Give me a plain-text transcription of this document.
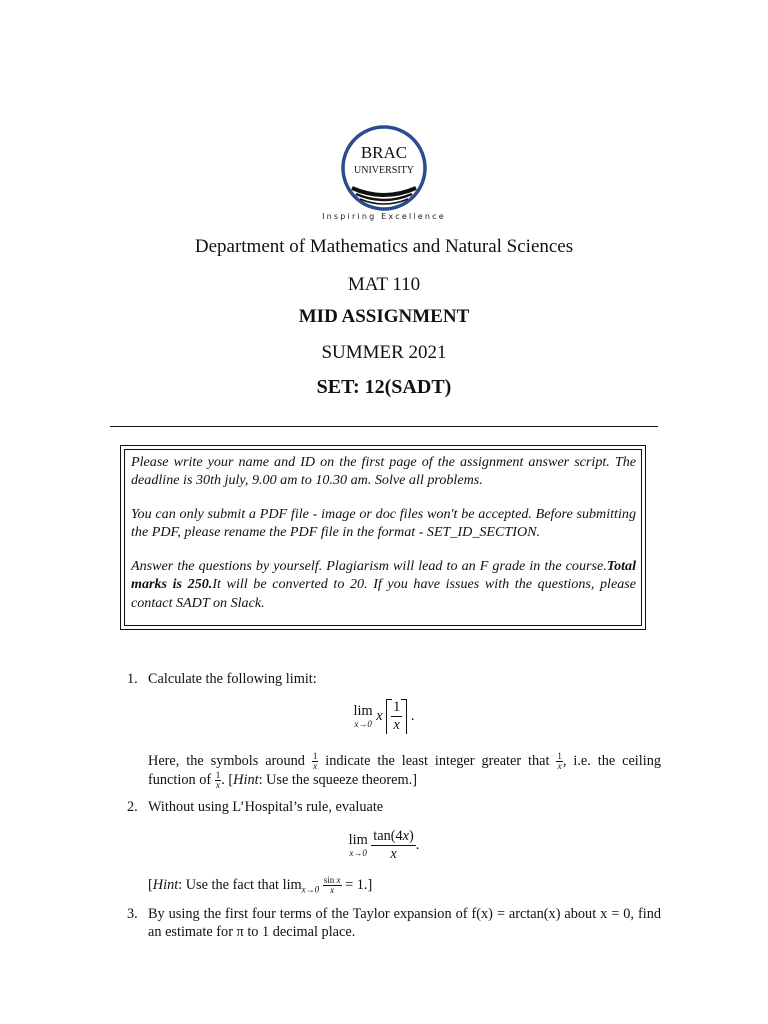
BRAC
UNIVERSITY
Inspiring Excellence
Department of Mathematics and Natural Sciences
MAT 110
MID ASSIGNMENT
SUMMER 2021
SET: 12(SADT)

Please write your name and ID on the first page of the assignment answer script. The deadline is 30th july, 9.00 am to 10.30 am. Solve all problems.

You can only submit a PDF file - image or doc files won't be accepted. Before submitting the PDF, please rename the PDF file in the format - SET_ID_SECTION.

Answer the questions by yourself. Plagiarism will lead to an F grade in the course.Total marks is 250.It will be converted to 20. If you have issues with the questions, please contact SADT on Slack.

1. Calculate the following limit:
lim
x→0
x $\frac{1}{x}$ .
Here, the symbols around $\frac{1}{x}$ indicate the least integer greater that $\frac{1}{x}$ , i.e. the ceiling function of $\frac{1}{x}$ . [Hint: Use the squeeze theorem.]
2. Without using L’Hospital’s rule, evaluate
lim
x→0
$\frac{\tan(4x)}{x}$ .
[Hint: Use the fact that $\lim_{x\to 0} \frac{\text{sin x}}{x} = 1$.]
3. By using the first four terms of the Taylor expansion of f(x) = arctan(x) about x = 0, find an estimate for π to 1 decimal place.
